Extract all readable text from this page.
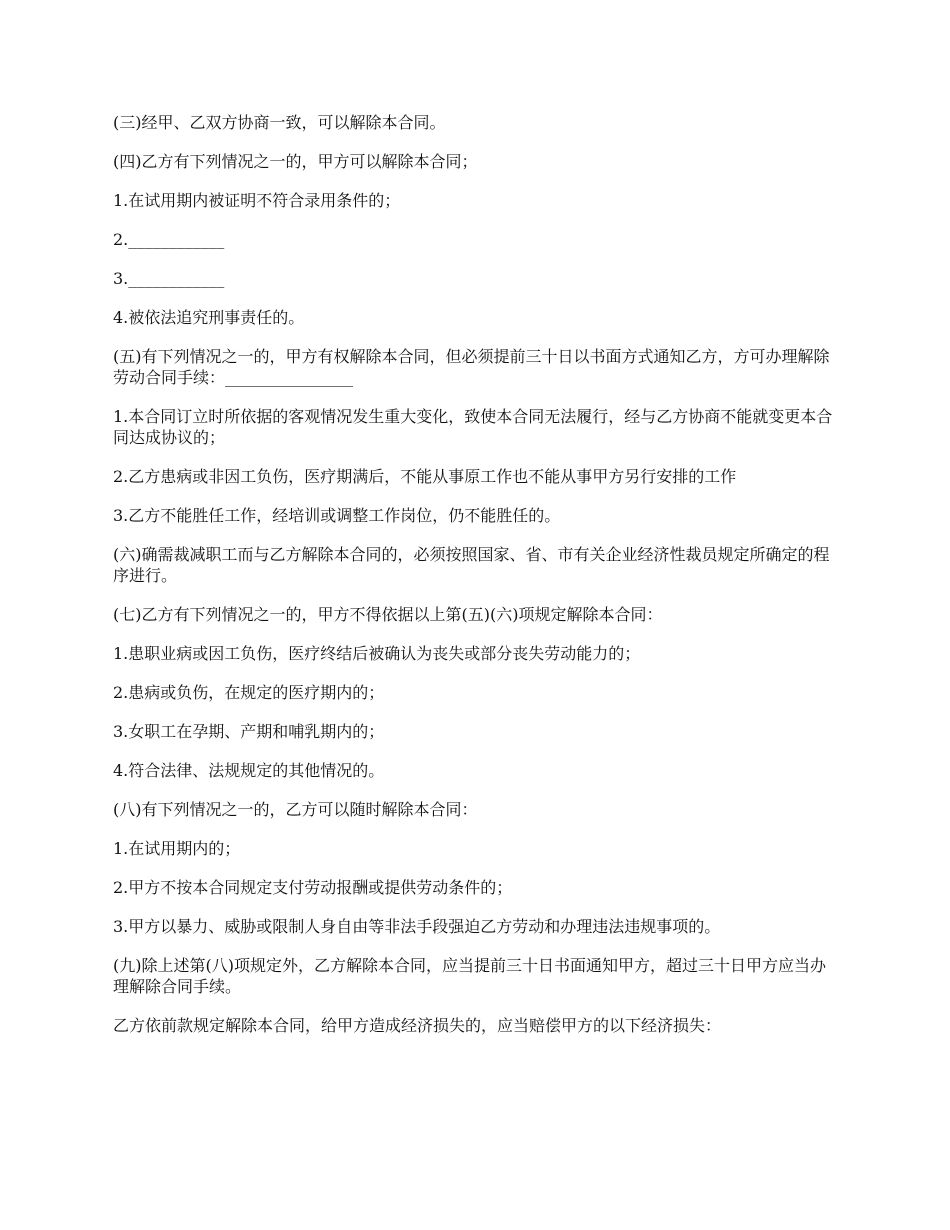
(三)经甲、乙双方协商一致，可以解除本合同。

(四)乙方有下列情况之一的，甲方可以解除本合同；

1.在试用期内被证明不符合录用条件的；

2.____________

3.____________

4.被依法追究刑事责任的。

(五)有下列情况之一的，甲方有权解除本合同，但必须提前三十日以书面方式通知乙方，方可办理解除劳动合同手续：________________

1.本合同订立时所依据的客观情况发生重大变化，致使本合同无法履行，经与乙方协商不能就变更本合同达成协议的；

2.乙方患病或非因工负伤，医疗期满后，不能从事原工作也不能从事甲方另行安排的工作

3.乙方不能胜任工作，经培训或调整工作岗位，仍不能胜任的。

(六)确需裁减职工而与乙方解除本合同的，必须按照国家、省、市有关企业经济性裁员规定所确定的程序进行。

(七)乙方有下列情况之一的，甲方不得依据以上第(五)(六)项规定解除本合同：

1.患职业病或因工负伤，医疗终结后被确认为丧失或部分丧失劳动能力的；

2.患病或负伤，在规定的医疗期内的；

3.女职工在孕期、产期和哺乳期内的；

4.符合法律、法规规定的其他情况的。

(八)有下列情况之一的，乙方可以随时解除本合同：

1.在试用期内的；

2.甲方不按本合同规定支付劳动报酬或提供劳动条件的；

3.甲方以暴力、威胁或限制人身自由等非法手段强迫乙方劳动和办理违法违规事项的。

(九)除上述第(八)项规定外，乙方解除本合同，应当提前三十日书面通知甲方，超过三十日甲方应当办理解除合同手续。

乙方依前款规定解除本合同，给甲方造成经济损失的，应当赔偿甲方的以下经济损失：
